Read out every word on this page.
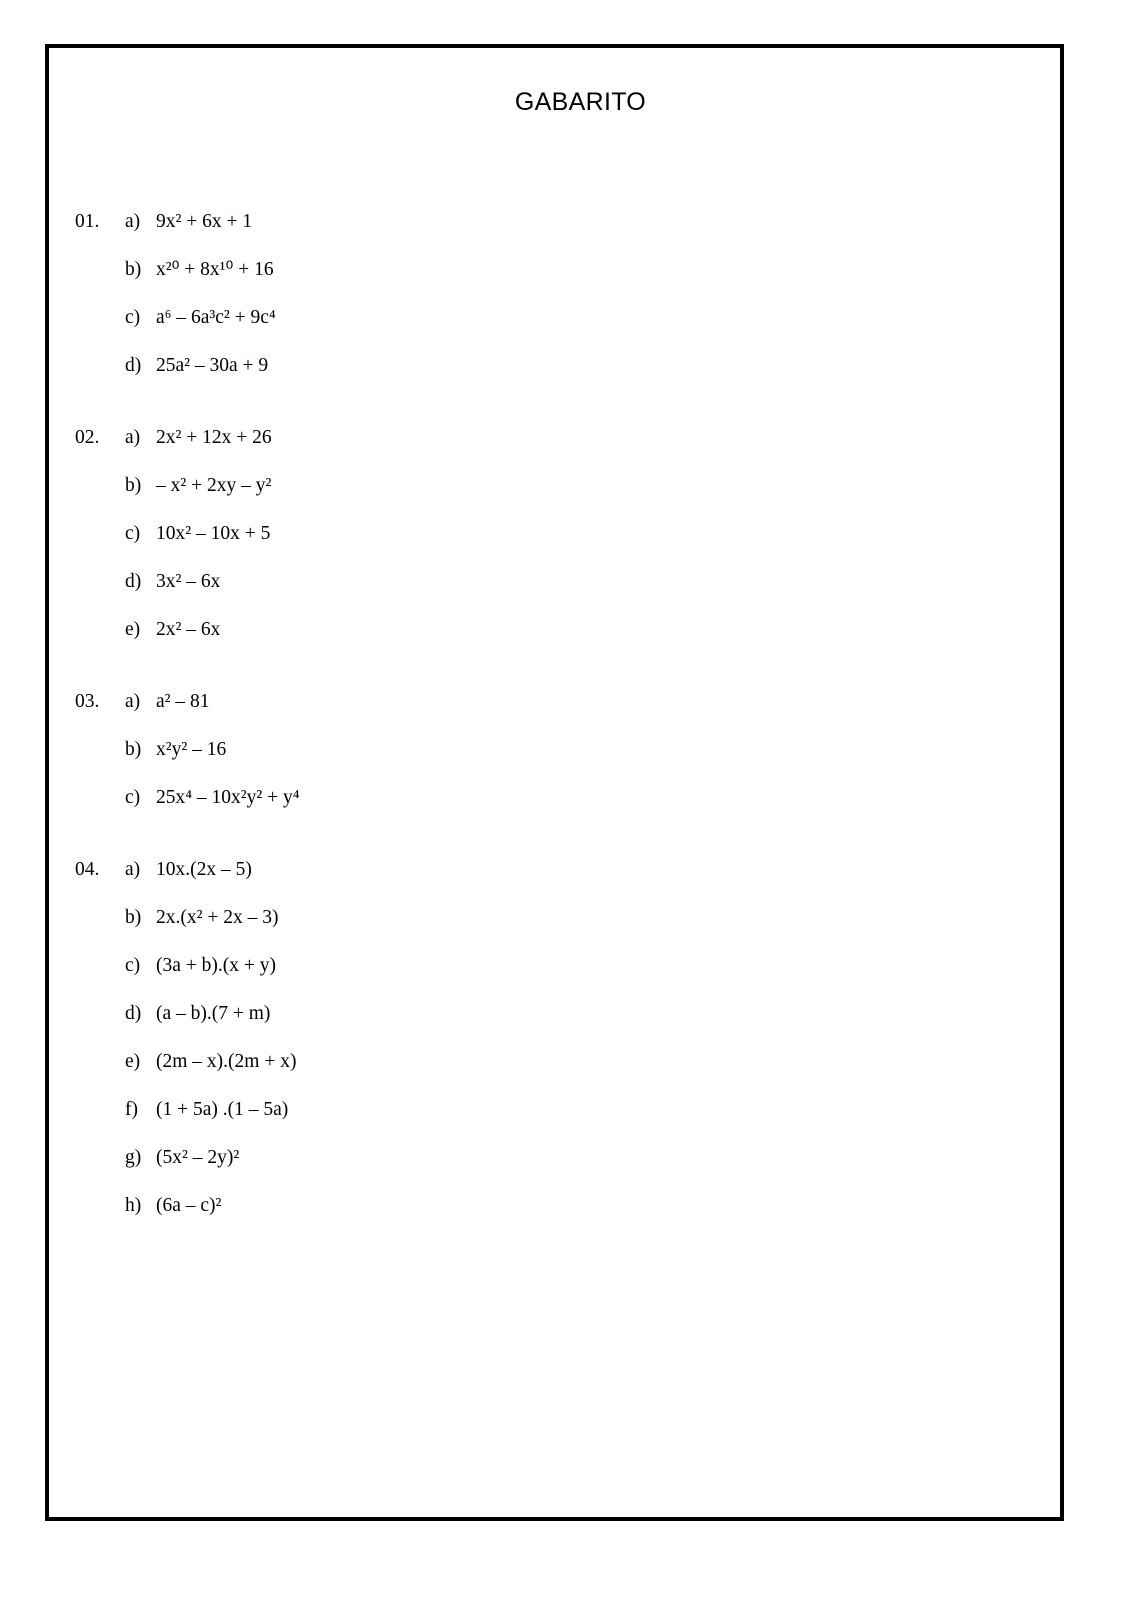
GABARITO
01. a) 9x² + 6x + 1
b) x²⁰ + 8x¹⁰ + 16
c) a⁶ – 6a³c² + 9c⁴
d) 25a² – 30a + 9
02. a) 2x² + 12x + 26
b) – x² + 2xy – y²
c) 10x² – 10x + 5
d) 3x² – 6x
e) 2x² – 6x
03. a) a² – 81
b) x²y² – 16
c) 25x⁴ – 10x²y² + y⁴
04. a) 10x.(2x – 5)
b) 2x.(x² + 2x – 3)
c) (3a + b).(x + y)
d) (a – b).(7 + m)
e) (2m – x).(2m + x)
f) (1 + 5a) .(1 – 5a)
g) (5x² – 2y)²
h) (6a – c)²
